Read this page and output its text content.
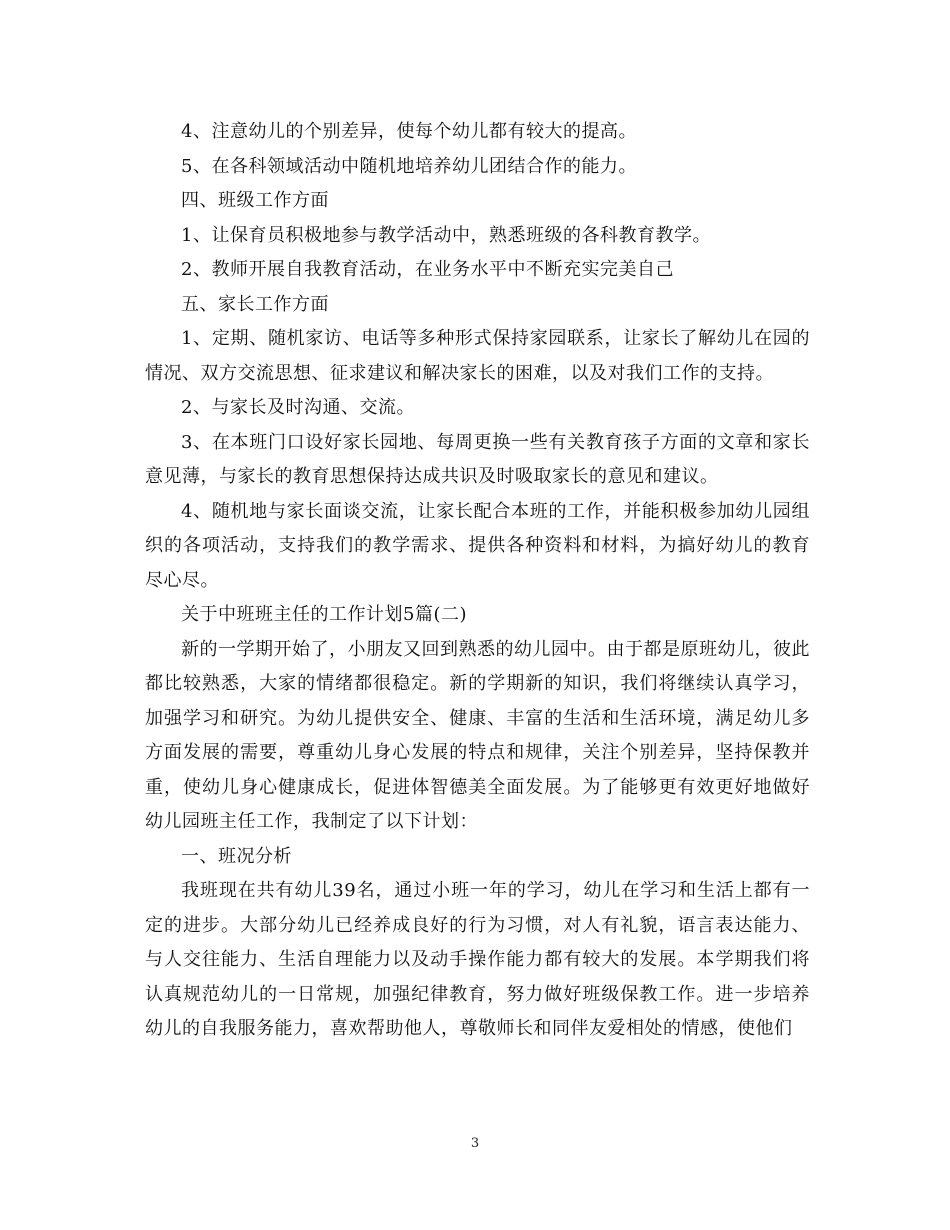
4、注意幼儿的个别差异，使每个幼儿都有较大的提高。

5、在各科领域活动中随机地培养幼儿团结合作的能力。

四、班级工作方面

1、让保育员积极地参与教学活动中，熟悉班级的各科教育教学。

2、教师开展自我教育活动，在业务水平中不断充实完美自己

五、家长工作方面

1、定期、随机家访、电话等多种形式保持家园联系，让家长了解幼儿在园的情况、双方交流思想、征求建议和解决家长的困难，以及对我们工作的支持。

2、与家长及时沟通、交流。

3、在本班门口设好家长园地、每周更换一些有关教育孩子方面的文章和家长意见薄，与家长的教育思想保持达成共识及时吸取家长的意见和建议。

4、随机地与家长面谈交流，让家长配合本班的工作，并能积极参加幼儿园组织的各项活动，支持我们的教学需求、提供各种资料和材料，为搞好幼儿的教育尽心尽。

关于中班班主任的工作计划5篇(二)

新的一学期开始了，小朋友又回到熟悉的幼儿园中。由于都是原班幼儿，彼此都比较熟悉，大家的情绪都很稳定。新的学期新的知识，我们将继续认真学习，加强学习和研究。为幼儿提供安全、健康、丰富的生活和生活环境，满足幼儿多方面发展的需要，尊重幼儿身心发展的特点和规律，关注个别差异，坚持保教并重，使幼儿身心健康成长，促进体智德美全面发展。为了能够更有效更好地做好幼儿园班主任工作，我制定了以下计划：

一、班况分析

我班现在共有幼儿39名，通过小班一年的学习，幼儿在学习和生活上都有一定的进步。大部分幼儿已经养成良好的行为习惯，对人有礼貌，语言表达能力、与人交往能力、生活自理能力以及动手操作能力都有较大的发展。本学期我们将认真规范幼儿的一日常规，加强纪律教育，努力做好班级保教工作。进一步培养幼儿的自我服务能力，喜欢帮助他人，尊敬师长和同伴友爱相处的情感，使他们

3
